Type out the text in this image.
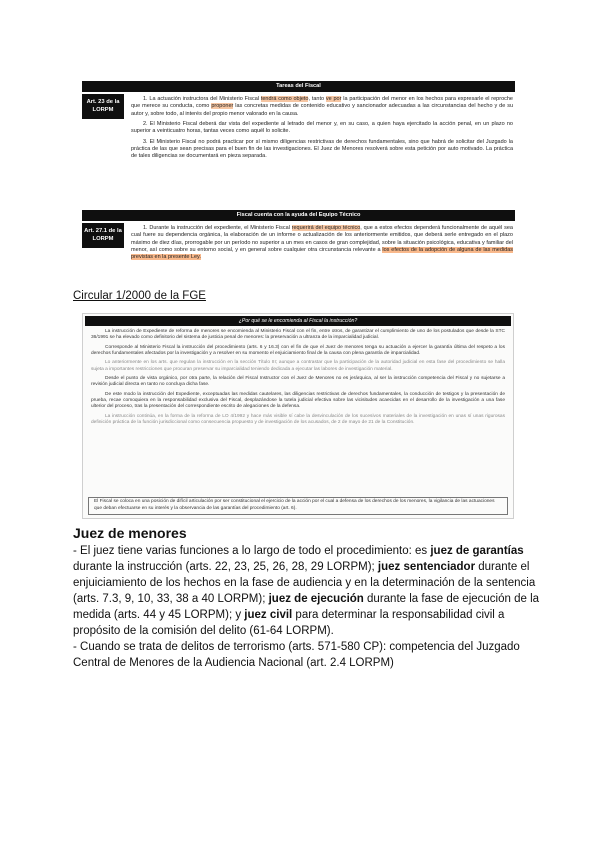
Tareas del Fiscal
Art. 23 de la LORPM

1. La actuación instructora del Ministerio Fiscal tendrá como objeto, tanto ve por la participación del menor en los hechos para expresarle el reproche que merece su conducta, como proponer las concretas medidas de contenido educativo y sancionador adecuadas a las circunstancias del hecho y de su autor y, sobre todo, al interés del propio menor valorado en la causa.

2. El Ministerio Fiscal deberá dar vista del expediente al letrado del menor y, en su caso, a quien haya ejercitado la acción penal, en un plazo no superior a veinticuatro horas, tantas veces como aquél lo solicite.

3. El Ministerio Fiscal no podrá practicar por sí mismo diligencias restrictivas de derechos fundamentales, sino que habrá de solicitar del Juzgado la práctica de las que sean precisas para el buen fin de las investigaciones. El Juez de Menores resolverá sobre esta petición por auto motivado. La práctica de tales diligencias se documentará en pieza separada.

Fiscal cuenta con la ayuda del Equipo Técnico
Art. 27.1 de la LORPM

1. Durante la instrucción del expediente, el Ministerio Fiscal requerirá del equipo técnico, que a estos efectos dependerá funcionalmente de aquél sea cual fuere su dependencia orgánica, la elaboración de un informe o actualización de los anteriormente emitidos, que deberá serle entregado en el plazo máximo de diez días, prorrogable por un período no superior a un mes en casos de gran complejidad, sobre la situación psicológica, educativa y familiar del menor, así como sobre su entorno social, y en general sobre cualquier otra circunstancia relevante a los efectos de la adopción de alguna de las medidas previstas en la presente Ley.

Circular 1/2000 de la FGE
¿Por qué se le encomienda al Fiscal la instrucción?

La instrucción de Expediente de reforma de menores se encomienda al Ministerio Fiscal con el fin, entre otros, de garantizar el cumplimiento de uno de los postulados que desde la STC 36/1991 se ha elevado como definitorio del sistema de justicia penal de menores: la preservación a ultranza de la imparcialidad judicial.

Corresponde al Ministerio Fiscal la instrucción del procedimiento (arts. 6 y 16.3) con el fin de que el Juez de menores tenga su actuación a ejercer la garantía última del respeto a los derechos fundamentales afectados por la investigación y a resolver en su momento el enjuiciamiento final de la causa con plena garantía de imparcialidad.

Lo anteriormente en los arts. que regulan la instrucción en la sección Título III; aunque a contrastar que la participación de la autoridad judicial en esta fase del procedimiento se halla sujeta a importantes restricciones que procuran preservar su imparcialidad teniendo dedicada a ejecutar las labores de investigación material.

Desde el punto de vista orgánico, por otra parte, la relación del Fiscal Instructor con el Juez de Menores no es jerárquica, al ser la instrucción competencia del Fiscal y no sujetarse a revisión judicial directa en tanto no concluya dicha fase.

De este modo la instrucción del Expediente, exceptuadas las medidas cautelares, las diligencias restrictivas de derechos fundamentales, la conducción de testigos y la presentación de prueba, recae comoquiera en la responsabilidad exclusiva del Fiscal, desplazándose la tutela judicial efectiva sobre las vicisitudes acaecidas en el desarrollo de la investigación a una fase ulterior del proceso, tras la presentación del correspondiente escrito de alegaciones de la defensa.

La instrucción continúa, en la forma de la reforma de LO 4/1992 y hace más visible sí cabe la desvinculación de los sucesivos materiales de la investigación en unas sí unas rigurosas definición práctica de la función jurisdiccional como consecuencia propuesto y de investigación de los acusados, de 2 de mayo de 21 de la Constitución.

El Fiscal se coloca en una posición de difícil articulación por ser constitucional el ejercicio de la acción por el cual a defensa de los derechos de los menores, la vigilancia de las actuaciones que deban efectuarse en su interés y la observancia de las garantías del procedimiento (art. 6).
Juez de menores
- El juez tiene varias funciones a lo largo de todo el procedimiento: es juez de garantías durante la instrucción (arts. 22, 23, 25, 26, 28, 29 LORPM); juez sentenciador durante el enjuiciamiento de los hechos en la fase de audiencia y en la determinación de la sentencia (arts. 7.3, 9, 10, 33, 38 a 40 LORPM); juez de ejecución durante la fase de ejecución de la medida (arts. 44 y 45 LORPM); y juez civil para determinar la responsabilidad civil a propósito de la comisión del delito (61-64 LORPM).
- Cuando se trata de delitos de terrorismo (arts. 571-580 CP): competencia del Juzgado Central de Menores de la Audiencia Nacional (art. 2.4 LORPM)
